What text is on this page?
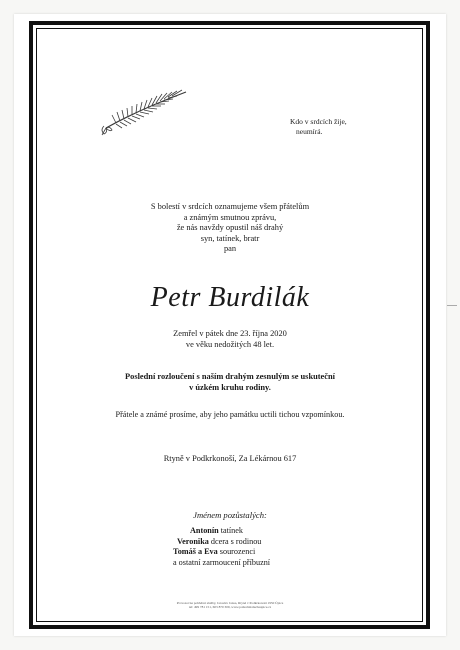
Kdo v srdcích žije,
neumírá.
S bolestí v srdcích oznamujeme všem přátelům
a známým smutnou zprávu,
že nás navždy opustil náš drahý
syn, tatínek, bratr
pan
Petr Burdilák
Zemřel v pátek dne 23. října 2020
ve věku nedožitých 48 let.
Poslední rozloučení s naším drahým zesnulým se uskuteční
v úzkém kruhu rodiny.
Přátele a známé prosíme, aby jeho památku uctili tichou vzpomínkou.
Rtyně v Podkrkonoší, Za Lékárnou 617
Jménem pozůstalých:
Antonín tatínek
Veronika dcera s rodinou
Tomáš a Eva sourozenci
a ostatní zarmoucení příbuzní
Provozovna pohřební služby, Jaroslav Jansa, Rtyně v Podkrkonoší 1950 Úpice
tel: 499 781 151, 603 870 309, www.pohrebnisluzbaupice.cz
